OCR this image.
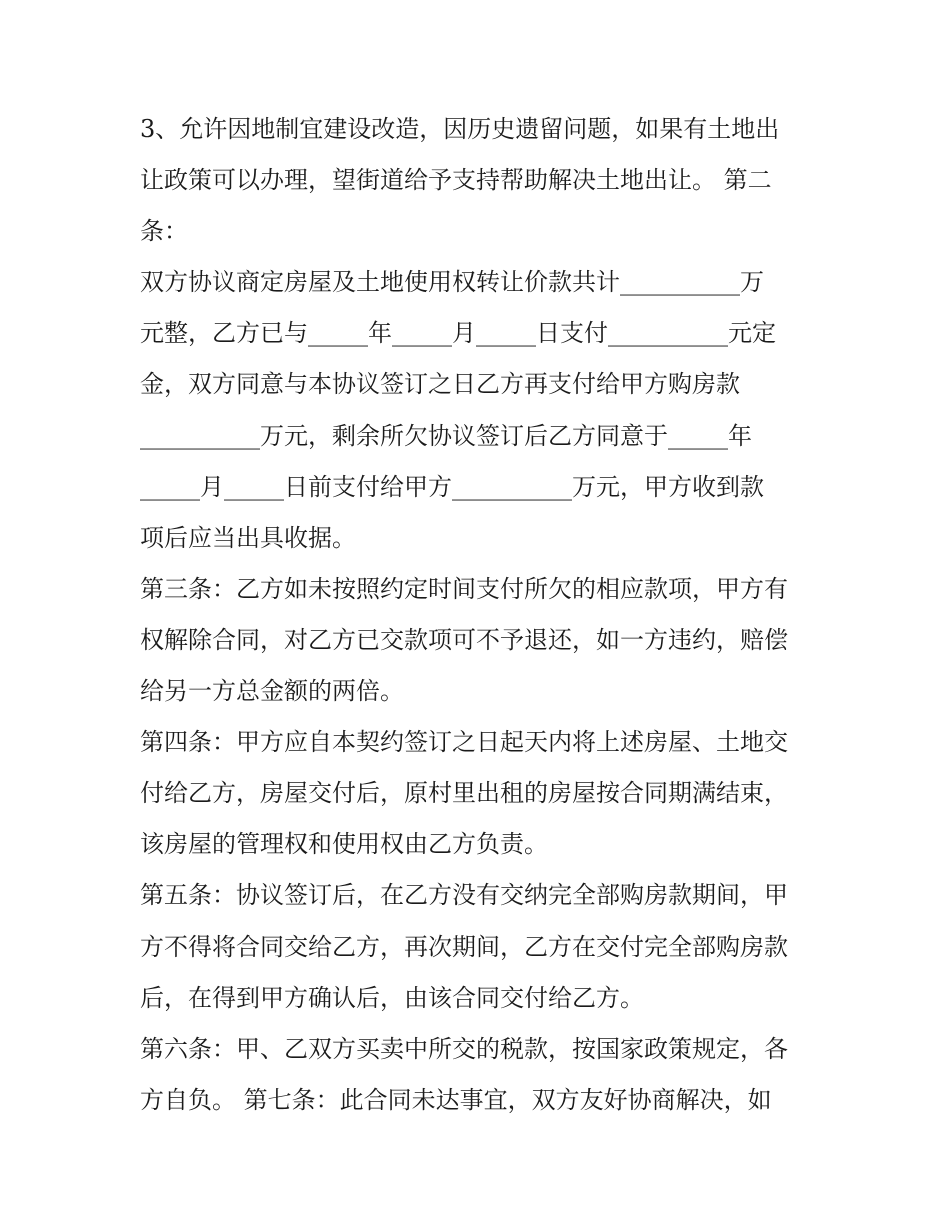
3、允许因地制宜建设改造，因历史遗留问题，如果有土地出
让政策可以办理，望街道给予支持帮助解决土地出让。 第二
条：
双方协议商定房屋及土地使用权转让价款共计__________万
元整，乙方已与_____年_____月_____日支付__________元定
金，双方同意与本协议签订之日乙方再支付给甲方购房款
__________万元，剩余所欠协议签订后乙方同意于_____年
_____月_____日前支付给甲方__________万元，甲方收到款
项后应当出具收据。
第三条：乙方如未按照约定时间支付所欠的相应款项，甲方有
权解除合同，对乙方已交款项可不予退还，如一方违约，赔偿
给另一方总金额的两倍。
第四条：甲方应自本契约签订之日起天内将上述房屋、土地交
付给乙方，房屋交付后，原村里出租的房屋按合同期满结束，
该房屋的管理权和使用权由乙方负责。
第五条：协议签订后，在乙方没有交纳完全部购房款期间，甲
方不得将合同交给乙方，再次期间，乙方在交付完全部购房款
后，在得到甲方确认后，由该合同交付给乙方。
第六条：甲、乙双方买卖中所交的税款，按国家政策规定，各
方自负。 第七条：此合同未达事宜，双方友好协商解决，如
